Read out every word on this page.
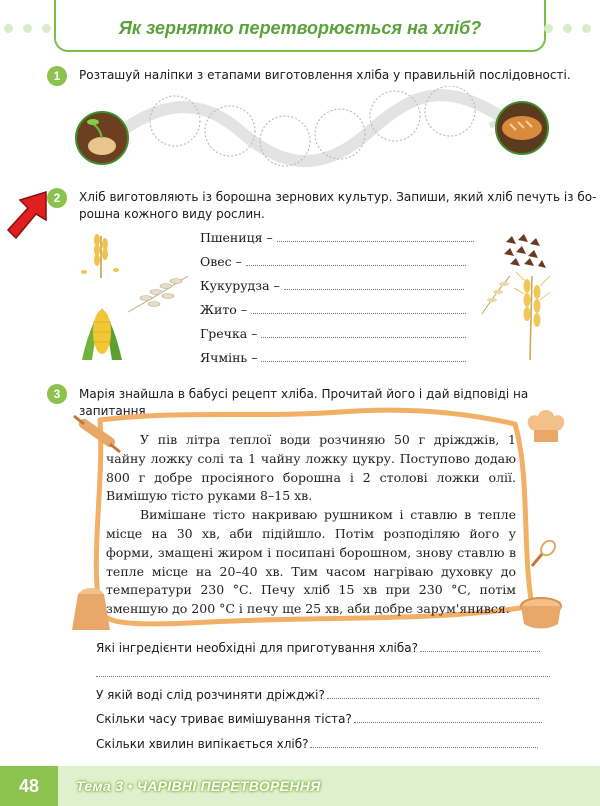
Як зернятко перетворюється на хліб?
1	Розташуй наліпки з етапами виготовлення хліба у правильній послідовності.
2	Хліб виготовляють із борошна зернових культур. Запиши, який хліб печуть із бо-
рошна кожного виду рослин.
Пшениця –
Овес –
Кукурудза –
Жито –
Гречка –
Ячмінь –
3	Марія знайшла в бабусі рецепт хліба. Прочитай його і дай відповіді на запитання.

У пів літра теплої води розчиняю 50 г дріжджів, 1 чайну ложку солі та 1 чайну ложку цукру. Поступово додаю 800 г добре просіяного борошна і 2 столові ложки олії. Вимішую тісто руками 8–15 хв.

Вимішане тісто накриваю рушником і ставлю в тепле місце на 30 хв, аби підійшло. Потім розподіляю його у форми, змащені жиром і посипані борошном, знову ставлю в тепле місце на 20–40 хв. Тим часом нагріваю духовку до температури 230 °С. Печу хліб 15 хв при 230 °С, потім зменшую до 200 °С і печу ще 25 хв, аби добре зарум'янився.

Які інгредієнти необхідні для приготування хліба?
У якій воді слід розчиняти дріжджі?
Скільки часу триває вимішування тіста?
Скільки хвилин випікається хліб?
48	Тема 3 • ЧАРІВНІ ПЕРЕТВОРЕННЯ
